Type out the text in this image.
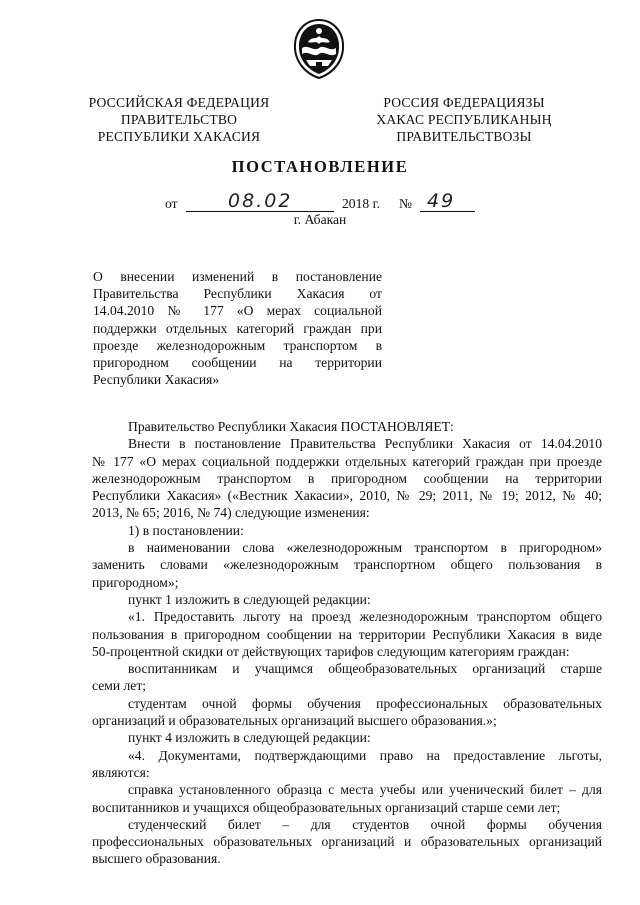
РОССИЙСКАЯ ФЕДЕРАЦИЯ
ПРАВИТЕЛЬСТВО
РЕСПУБЛИКИ ХАКАСИЯ
РОССИЯ ФЕДЕРАЦИЯЗЫ
ХАКАС РЕСПУБЛИКАНЫҢ
ПРАВИТЕЛЬСТВОЗЫ
ПОСТАНОВЛЕНИЕ
от	08.02	2018 г. № 49
г. Абакан
О внесении изменений в постановление
Правительства Республики Хакасия от
14.04.2010 № 177 «О мерах социальной
поддержки отдельных категорий граждан при
проезде железнодорожным транспортом в
пригородном сообщении на территории
Республики Хакасия»
Правительство Республики Хакасия ПОСТАНОВЛЯЕТ:
Внести в постановление Правительства Республики Хакасия от 14.04.2010
№ 177 «О мерах социальной поддержки отдельных категорий граждан при проезде
железнодорожным транспортом в пригородном сообщении на территории
Республики Хакасия» («Вестник Хакасии», 2010, № 29; 2011, № 19; 2012, № 40;
2013, № 65; 2016, № 74) следующие изменения:
1) в постановлении:
в наименовании слова «железнодорожным транспортом в пригородном»
заменить словами «железнодорожным транспортном общего пользования в
пригородном»;
пункт 1 изложить в следующей редакции:
«1. Предоставить льготу на проезд железнодорожным транспортом общего
пользования в пригородном сообщении на территории Республики Хакасия в виде
50-процентной скидки от действующих тарифов следующим категориям граждан:
воспитанникам и учащимся общеобразовательных организаций старше
семи лет;
студентам очной формы обучения профессиональных образовательных
организаций и образовательных организаций высшего образования.»;
пункт 4 изложить в следующей редакции:
«4. Документами, подтверждающими право на предоставление льготы,
являются:
справка установленного образца с места учебы или ученический билет – для
воспитанников и учащихся общеобразовательных организаций старше семи лет;
студенческий билет – для студентов очной формы обучения
профессиональных образовательных организаций и образовательных организаций
высшего образования.
